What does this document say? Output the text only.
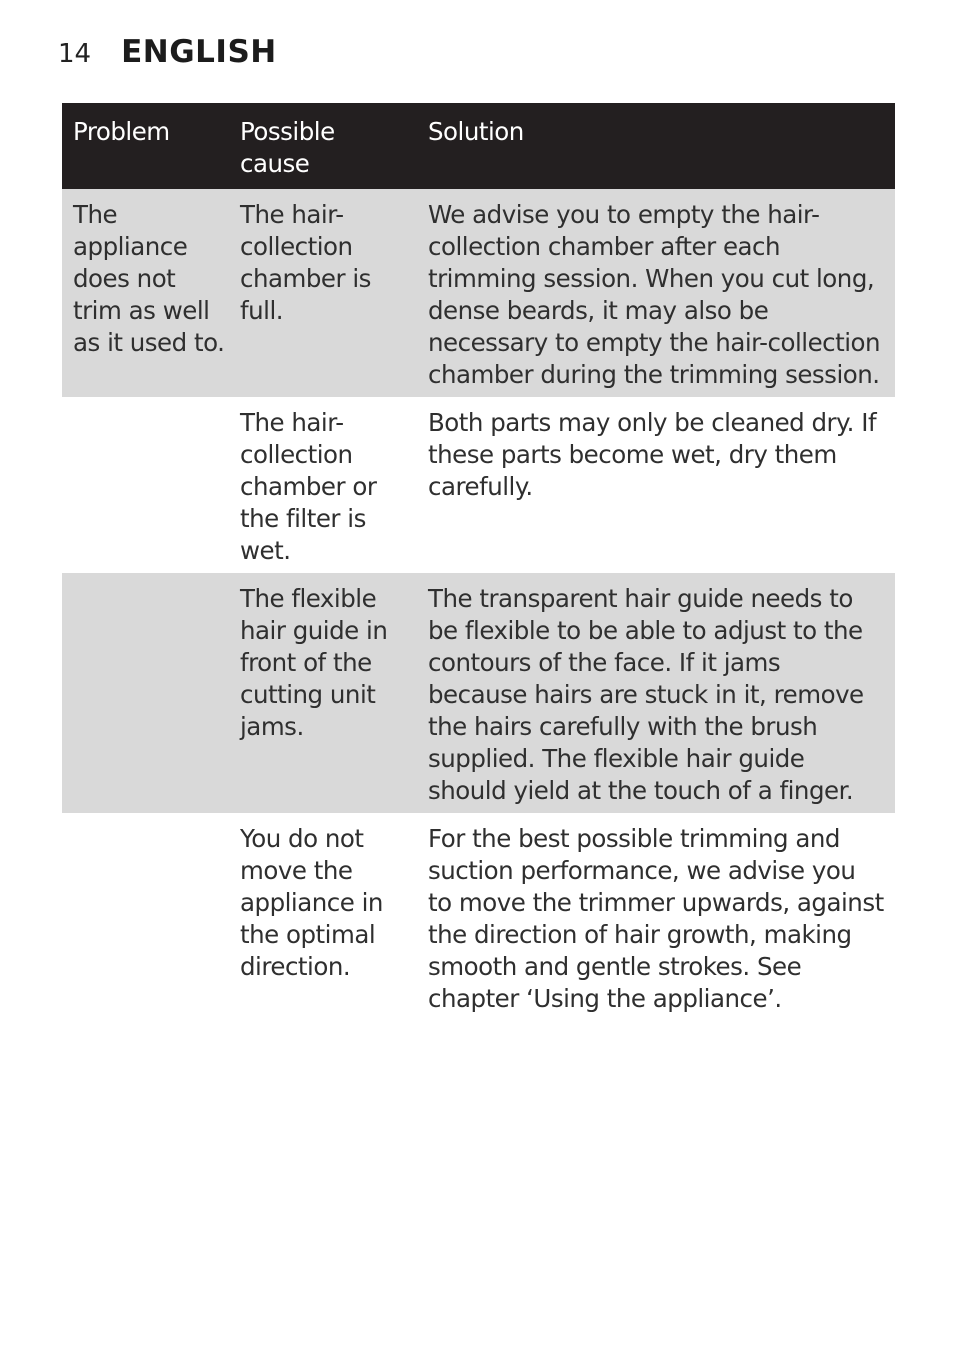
14 ENGLISH
Problem	Possible cause	Solution
The appliance does not trim as well as it used to.	The hair-collection chamber is full.	We advise you to empty the hair-collection chamber after each trimming session. When you cut long, dense beards, it may also be necessary to empty the hair-collection chamber during the trimming session.
	The hair-collection chamber or the filter is wet.	Both parts may only be cleaned dry. If these parts become wet, dry them carefully.
	The flexible hair guide in front of the cutting unit jams.	The transparent hair guide needs to be flexible to be able to adjust to the contours of the face. If it jams because hairs are stuck in it, remove the hairs carefully with the brush supplied. The flexible hair guide should yield at the touch of a finger.
	You do not move the appliance in the optimal direction.	For the best possible trimming and suction performance, we advise you to move the trimmer upwards, against the direction of hair growth, making smooth and gentle strokes. See chapter ‘Using the appliance’.
